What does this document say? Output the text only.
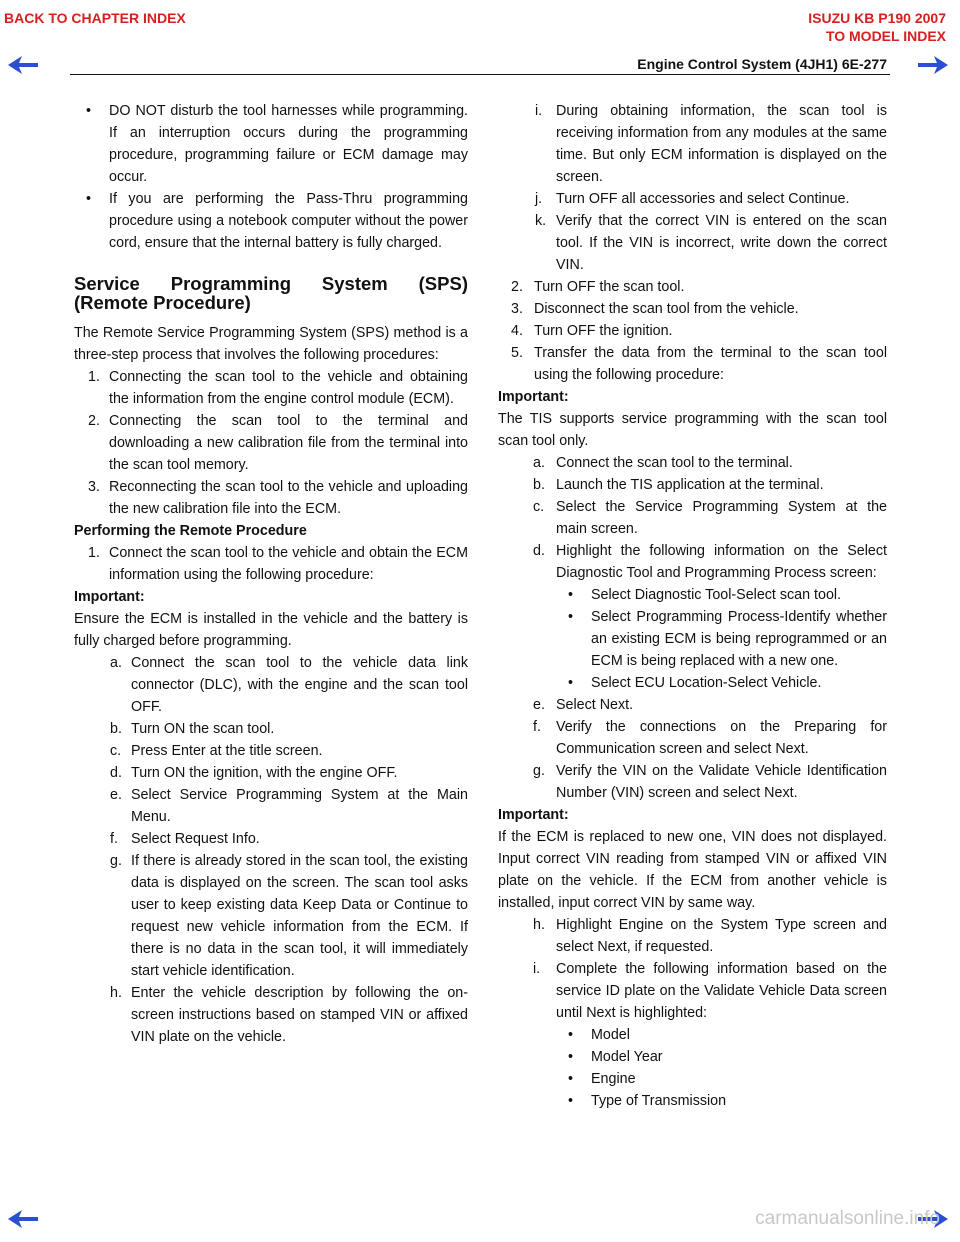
BACK TO CHAPTER INDEX	ISUZU KB P190 2007
TO MODEL INDEX
Engine Control System (4JH1) 6E-277
• DO NOT disturb the tool harnesses while programming. If an interruption occurs during the programming procedure, programming failure or ECM damage may occur.
• If you are performing the Pass-Thru programming procedure using a notebook computer without the power cord, ensure that the internal battery is fully charged.
Service Programming System (SPS)
(Remote Procedure)
The Remote Service Programming System (SPS) method is a three-step process that involves the following procedures:
1. Connecting the scan tool to the vehicle and obtaining the information from the engine control module (ECM).
2. Connecting the scan tool to the terminal and downloading a new calibration file from the terminal into the scan tool memory.
3. Reconnecting the scan tool to the vehicle and uploading the new calibration file into the ECM.
Performing the Remote Procedure
1. Connect the scan tool to the vehicle and obtain the ECM information using the following procedure:
Important:
Ensure the ECM is installed in the vehicle and the battery is fully charged before programming.
a. Connect the scan tool to the vehicle data link connector (DLC), with the engine and the scan tool OFF.
b. Turn ON the scan tool.
c. Press Enter at the title screen.
d. Turn ON the ignition, with the engine OFF.
e. Select Service Programming System at the Main Menu.
f. Select Request Info.
g. If there is already stored in the scan tool, the existing data is displayed on the screen. The scan tool asks user to keep existing data Keep Data or Continue to request new vehicle information from the ECM. If there is no data in the scan tool, it will immediately start vehicle identification.
h. Enter the vehicle description by following the on-screen instructions based on stamped VIN or affixed VIN plate on the vehicle.
i. During obtaining information, the scan tool is receiving information from any modules at the same time. But only ECM information is displayed on the screen.
j. Turn OFF all accessories and select Continue.
k. Verify that the correct VIN is entered on the scan tool. If the VIN is incorrect, write down the correct VIN.
2. Turn OFF the scan tool.
3. Disconnect the scan tool from the vehicle.
4. Turn OFF the ignition.
5. Transfer the data from the terminal to the scan tool using the following procedure:
Important:
The TIS supports service programming with the scan tool scan tool only.
a. Connect the scan tool to the terminal.
b. Launch the TIS application at the terminal.
c. Select the Service Programming System at the main screen.
d. Highlight the following information on the Select Diagnostic Tool and Programming Process screen:
• Select Diagnostic Tool-Select scan tool.
• Select Programming Process-Identify whether an existing ECM is being reprogrammed or an ECM is being replaced with a new one.
• Select ECU Location-Select Vehicle.
e. Select Next.
f. Verify the connections on the Preparing for Communication screen and select Next.
g. Verify the VIN on the Validate Vehicle Identification Number (VIN) screen and select Next.
Important:
If the ECM is replaced to new one, VIN does not displayed. Input correct VIN reading from stamped VIN or affixed VIN plate on the vehicle. If the ECM from another vehicle is installed, input correct VIN by same way.
h. Highlight Engine on the System Type screen and select Next, if requested.
i. Complete the following information based on the service ID plate on the Validate Vehicle Data screen until Next is highlighted:
• Model
• Model Year
• Engine
• Type of Transmission
carmanualsonline.info
